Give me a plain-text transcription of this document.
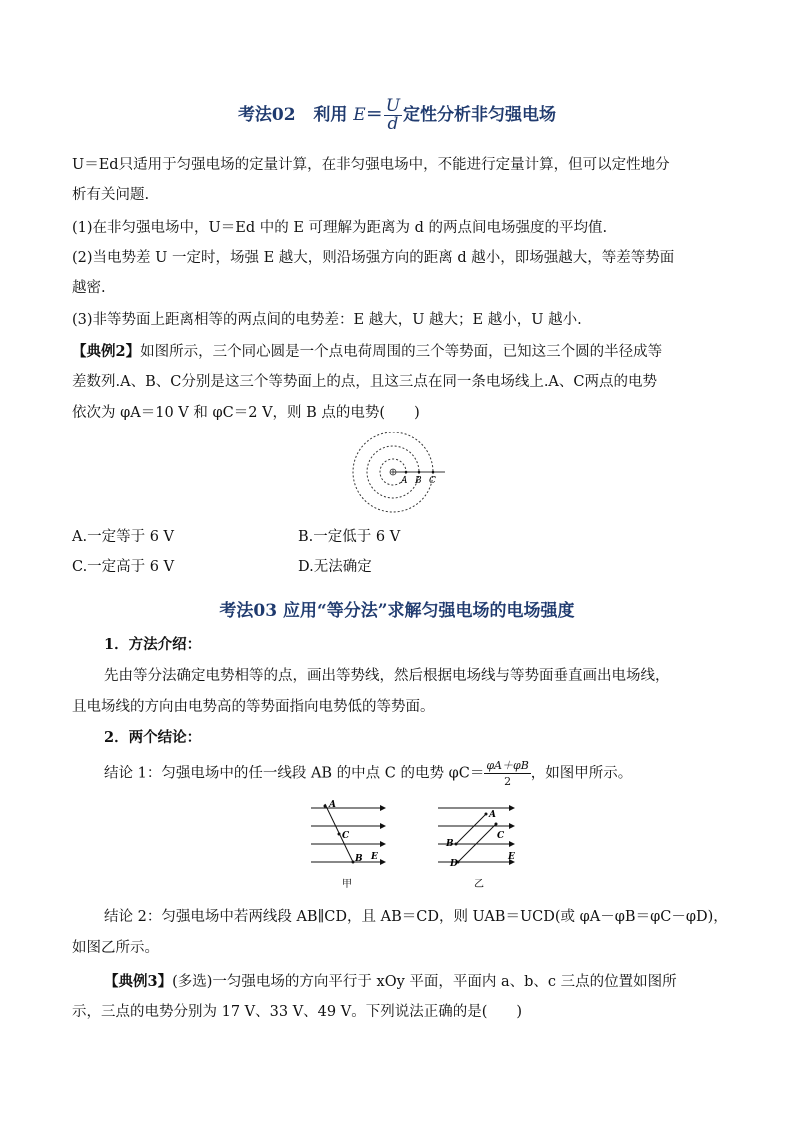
考法02 利用 $E= \frac{U}{d}$ 定性分析非匀强电场
U＝Ed只适用于匀强电场的定量计算，在非匀强电场中，不能进行定量计算，但可以定性地分
析有关问题.
(1)在非匀强电场中，U＝Ed 中的 E 可理解为距离为 d 的两点间电场强度的平均值.
(2)当电势差 U 一定时，场强 E 越大，则沿场强方向的距离 d 越小，即场强越大，等差等势面
越密.
(3)非等势面上距离相等的两点间的电势差：E 越大，U 越大；E 越小，U 越小.
【典例2】如图所示，三个同心圆是一个点电荷周围的三个等势面，已知这三个圆的半径成等
差数列.A、B、C分别是这三个等势面上的点，且这三点在同一条电场线上.A、C两点的电势
依次为 φA＝10 V 和 φC＝2 V，则 B 点的电势(　　)
A B C
A.一定等于 6 V	B.一定低于 6 V
C.一定高于 6 V	D.无法确定
考法03 应用“等分法”求解匀强电场的电场强度
1．方法介绍：
先由等分法确定电势相等的点，画出等势线，然后根据电场线与等势面垂直画出电场线，
且电场线的方向由电势高的等势面指向电势低的等势面。
2．两个结论：
结论 1：匀强电场中的任一线段 AB 的中点 C 的电势 $\varphi C= \frac{\varphi A+\varphi B}{2}$ ，如图甲所示。
A
C
B E
甲
A
C
B
D
E
乙
结论 2：匀强电场中若两线段 AB∥CD，且 AB＝CD，则 UAB＝UCD(或 φA－φB＝φC－φD)，
如图乙所示。
【典例3】(多选)一匀强电场的方向平行于 xOy 平面，平面内 a、b、c 三点的位置如图所
示，三点的电势分别为 17 V、33 V、49 V。下列说法正确的是(　　)
